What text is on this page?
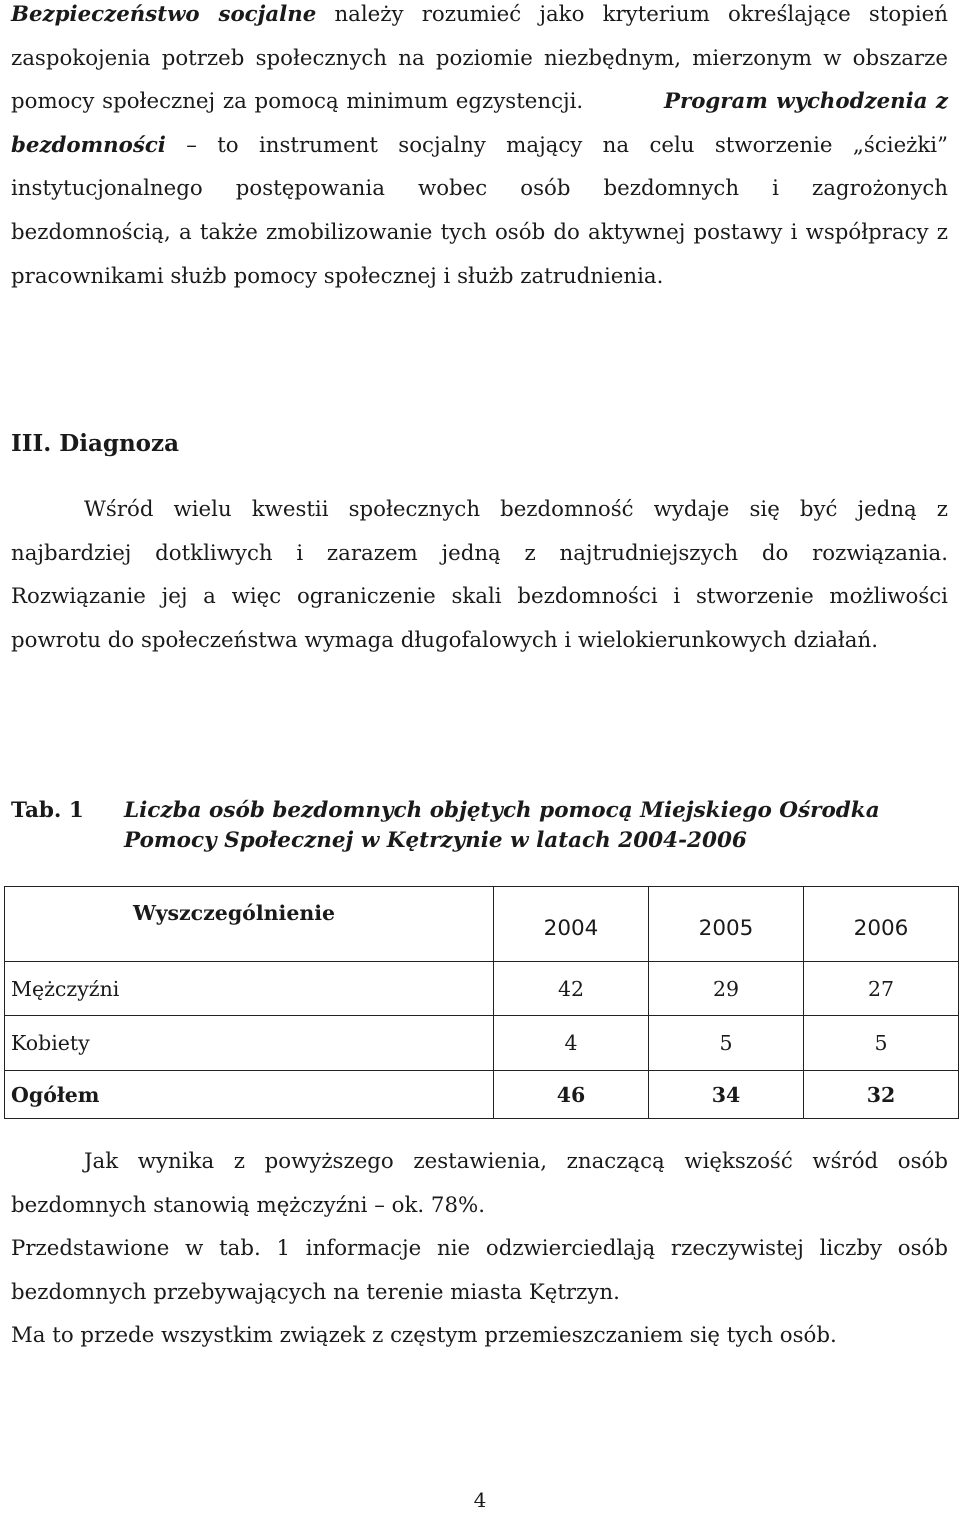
Bezpieczeństwo socjalne należy rozumieć jako kryterium określające stopień zaspokojenia potrzeb społecznych na poziomie niezbędnym, mierzonym w obszarze pomocy społecznej za pomocą minimum egzystencji.	Program wychodzenia z bezdomności – to instrument socjalny mający na celu stworzenie „ścieżki” instytucjonalnego postępowania wobec osób bezdomnych i zagrożonych bezdomnością, a także zmobilizowanie tych osób do aktywnej postawy i współpracy z pracownikami służb pomocy społecznej i służb zatrudnienia.

III. Diagnoza

Wśród wielu kwestii społecznych bezdomność wydaje się być jedną z najbardziej dotkliwych i zarazem jedną z najtrudniejszych do rozwiązania. Rozwiązanie jej a więc ograniczenie skali bezdomności i stworzenie możliwości powrotu do społeczeństwa wymaga długofalowych i wielokierunkowych działań.

Tab. 1 Liczba osób bezdomnych objętych pomocą Miejskiego Ośrodka Pomocy Społecznej w Kętrzynie w latach 2004-2006
Wyszczególnienie	2004	2005	2006
Mężczyźni	42	29	27
Kobiety	4	5	5
Ogółem	46	34	32

Jak wynika z powyższego zestawienia, znaczącą większość wśród osób bezdomnych stanowią mężczyźni – ok. 78%.

Przedstawione w tab. 1 informacje nie odzwierciedlają rzeczywistej liczby osób bezdomnych przebywających na terenie miasta Kętrzyn.

Ma to przede wszystkim związek z częstym przemieszczaniem się tych osób.

4
